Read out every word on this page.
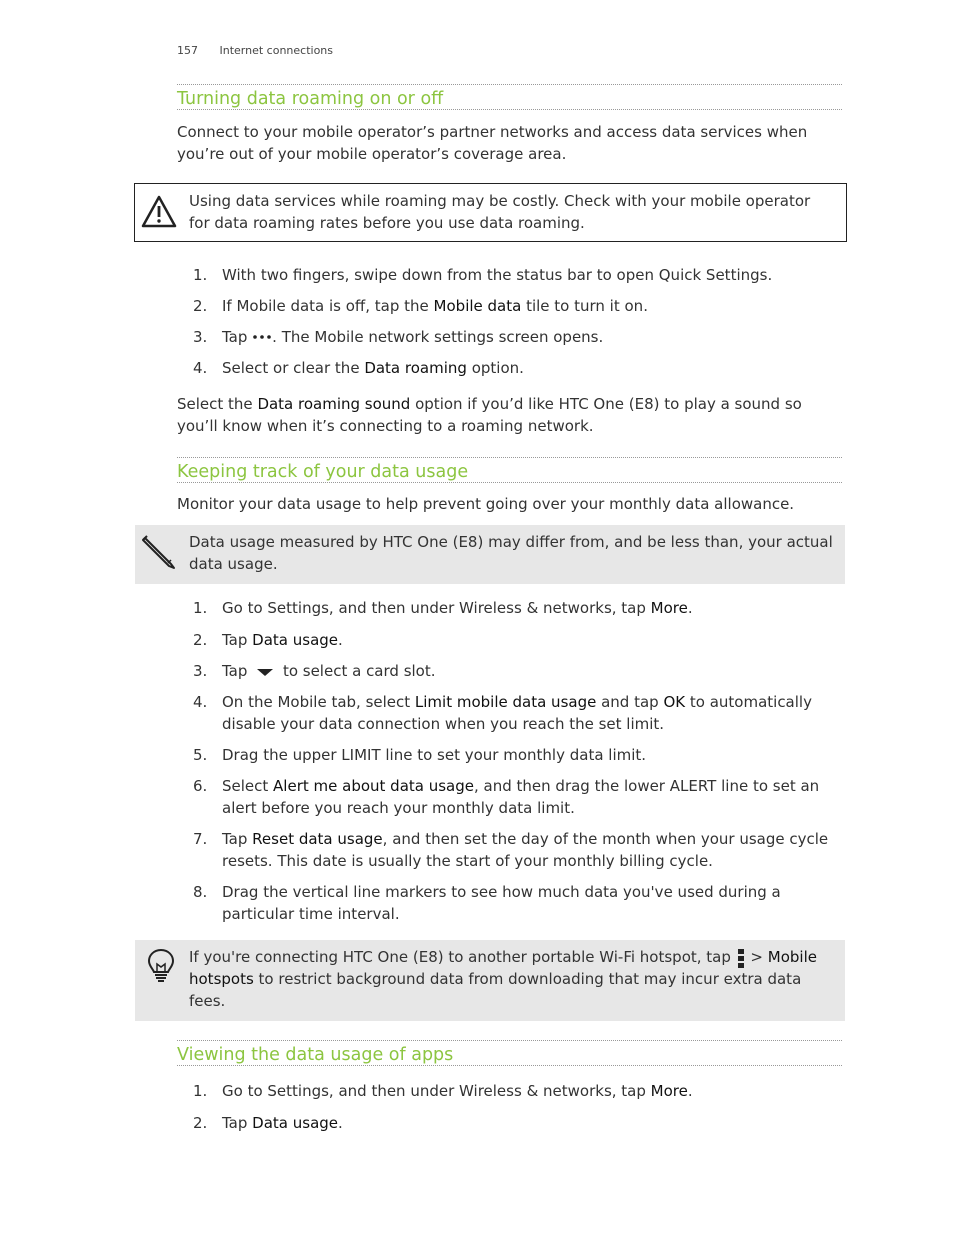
157 Internet connections
Turning data roaming on or off
Connect to your mobile operator’s partner networks and access data services when you’re out of your mobile operator’s coverage area.
Using data services while roaming may be costly. Check with your mobile operator for data roaming rates before you use data roaming.
1. With two fingers, swipe down from the status bar to open Quick Settings.
2. If Mobile data is off, tap the Mobile data tile to turn it on.
3. Tap . The Mobile network settings screen opens.
4. Select or clear the Data roaming option.
Select the Data roaming sound option if you’d like HTC One (E8) to play a sound so you’ll know when it’s connecting to a roaming network.
Keeping track of your data usage
Monitor your data usage to help prevent going over your monthly data allowance.
Data usage measured by HTC One (E8) may differ from, and be less than, your actual data usage.
1. Go to Settings, and then under Wireless & networks, tap More.
2. Tap Data usage.
3. Tap  to select a card slot.
4. On the Mobile tab, select Limit mobile data usage and tap OK to automatically disable your data connection when you reach the set limit.
5. Drag the upper LIMIT line to set your monthly data limit.
6. Select Alert me about data usage, and then drag the lower ALERT line to set an alert before you reach your monthly data limit.
7. Tap Reset data usage, and then set the day of the month when your usage cycle resets. This date is usually the start of your monthly billing cycle.
8. Drag the vertical line markers to see how much data you've used during a particular time interval.
If you're connecting HTC One (E8) to another portable Wi-Fi hotspot, tap  > Mobile hotspots to restrict background data from downloading that may incur extra data fees.
Viewing the data usage of apps
1. Go to Settings, and then under Wireless & networks, tap More.
2. Tap Data usage.
